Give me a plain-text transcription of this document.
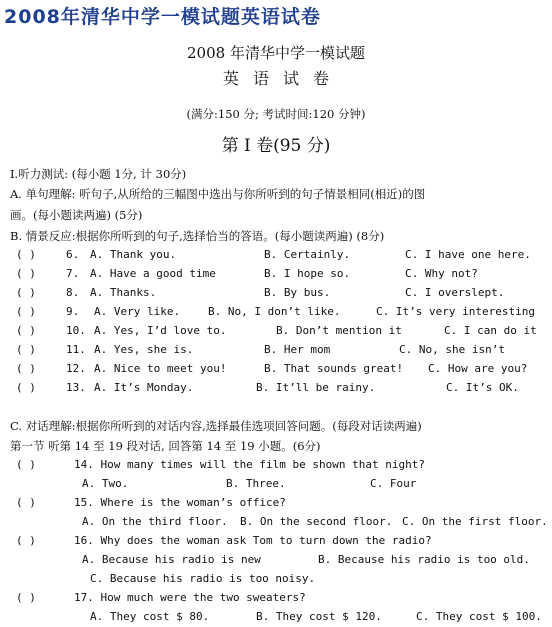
2008年清华中学一模试题英语试卷
2008 年清华中学一模试题
英语试卷
(满分:150 分; 考试时间:120 分钟)
第 I 卷(95 分)
I.听力测试: (每小题 1分, 计 30分)
A. 单句理解: 听句子,从所给的三幅图中选出与你所听到的句子情景相同(相近)的图
画。(每小题读两遍) (5分)
B. 情景反应:根据你所听到的句子,选择恰当的答语。(每小题读两遍) (8分)
( )	6. A. Thank you.	B. Certainly.	C. I have one here.
( )	7. A. Have a good time	B. I hope so.	C. Why not?
( )	8. A. Thanks.	B. By bus.	C. I overslept.
( )	9. A. Very like.	B. No, I don’t like.	C. It’s very interesting
( )	10. A. Yes, I’d love to.	B. Don’t mention it	C. I can do it
( )	11. A. Yes, she is.	B. Her mom	C. No, she isn’t
( )	12. A. Nice to meet you!	B. That sounds great! C. How are you?
( )	13. A. It’s Monday.	B. It’ll be rainy.	C. It’s OK.
C. 对话理解:根据你所听到的对话内容,选择最佳选项回答问题。(每段对话读两遍)
第一节 听第 14 至 19 段对话, 回答第 14 至 19 小题。(6分)
( )	14. How many times will the film be shown that night?
A. Two.	B. Three.	C. Four
( )	15. Where is the woman’s office?
A. On the third floor. B. On the second floor. C. On the first floor.
( )	16. Why does the woman ask Tom to turn down the radio?
A. Because his radio is new	B. Because his radio is too old.
C. Because his radio is too noisy.
( )	17. How much were the two sweaters?
A. They cost $ 80.	B. They cost $ 120.	C. They cost $ 100.
